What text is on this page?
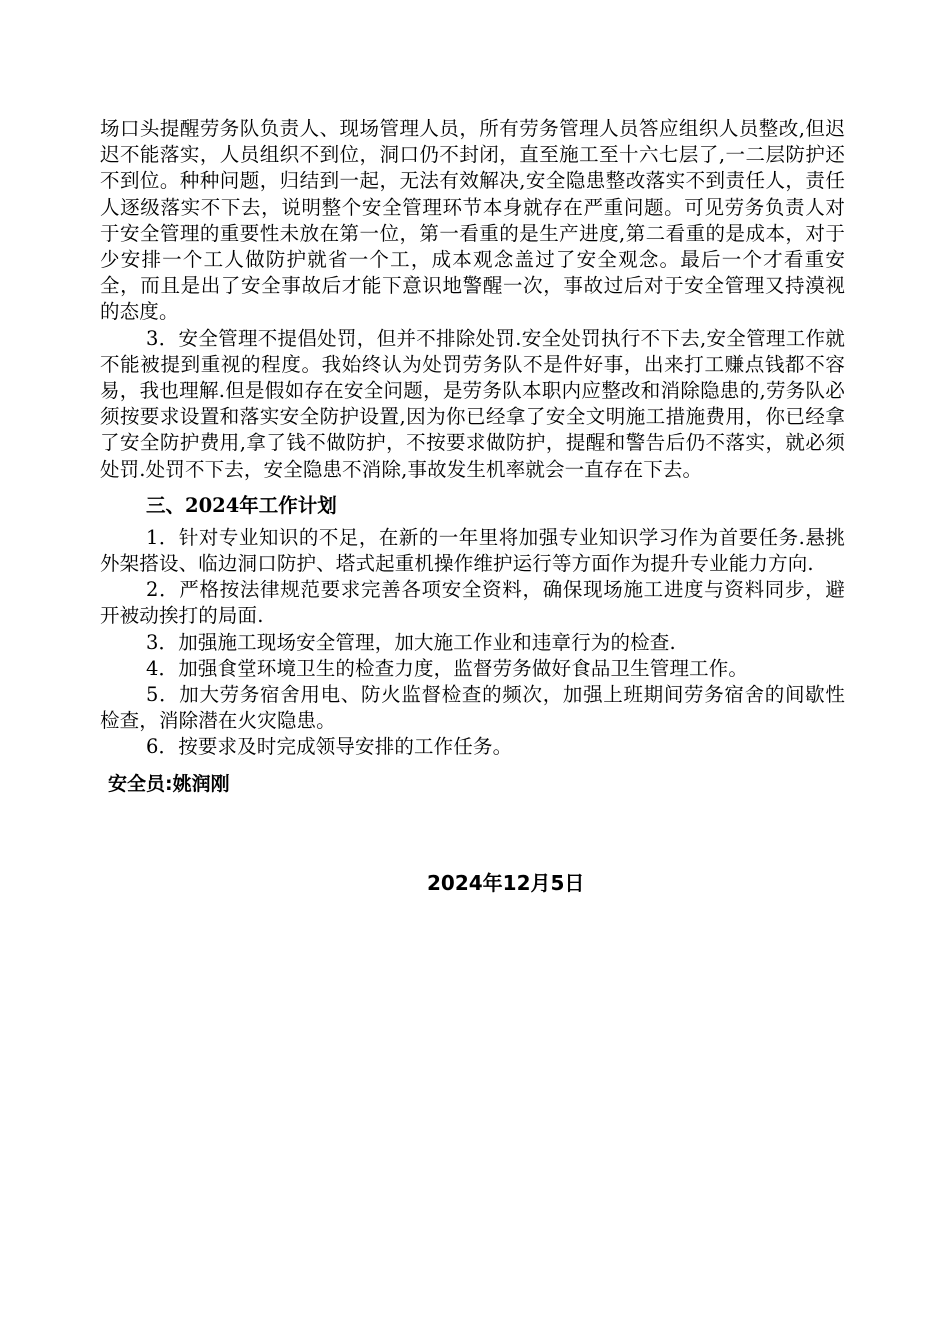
场口头提醒劳务队负责人、现场管理人员，所有劳务管理人员答应组织人员整改,但迟迟不能落实，人员组织不到位，洞口仍不封闭，直至施工至十六七层了,一二层防护还不到位。种种问题，归结到一起，无法有效解决,安全隐患整改落实不到责任人，责任人逐级落实不下去，说明整个安全管理环节本身就存在严重问题。可见劳务负责人对于安全管理的重要性未放在第一位，第一看重的是生产进度,第二看重的是成本，对于少安排一个工人做防护就省一个工，成本观念盖过了安全观念。最后一个才看重安全，而且是出了安全事故后才能下意识地警醒一次，事故过后对于安全管理又持漠视的态度。

3．安全管理不提倡处罚，但并不排除处罚.安全处罚执行不下去,安全管理工作就不能被提到重视的程度。我始终认为处罚劳务队不是件好事，出来打工赚点钱都不容易，我也理解.但是假如存在安全问题，是劳务队本职内应整改和消除隐患的,劳务队必须按要求设置和落实安全防护设置,因为你已经拿了安全文明施工措施费用，你已经拿了安全防护费用,拿了钱不做防护，不按要求做防护，提醒和警告后仍不落实，就必须处罚.处罚不下去，安全隐患不消除,事故发生机率就会一直存在下去。

三、2024年工作计划

1．针对专业知识的不足，在新的一年里将加强专业知识学习作为首要任务.悬挑外架搭设、临边洞口防护、塔式起重机操作维护运行等方面作为提升专业能力方向.

2．严格按法律规范要求完善各项安全资料，确保现场施工进度与资料同步，避开被动挨打的局面.

3．加强施工现场安全管理，加大施工作业和违章行为的检查.

4．加强食堂环境卫生的检查力度，监督劳务做好食品卫生管理工作。

5．加大劳务宿舍用电、防火监督检查的频次，加强上班期间劳务宿舍的间歇性检查，消除潜在火灾隐患。

6．按要求及时完成领导安排的工作任务。

安全员:姚润刚
2024年12月5日
